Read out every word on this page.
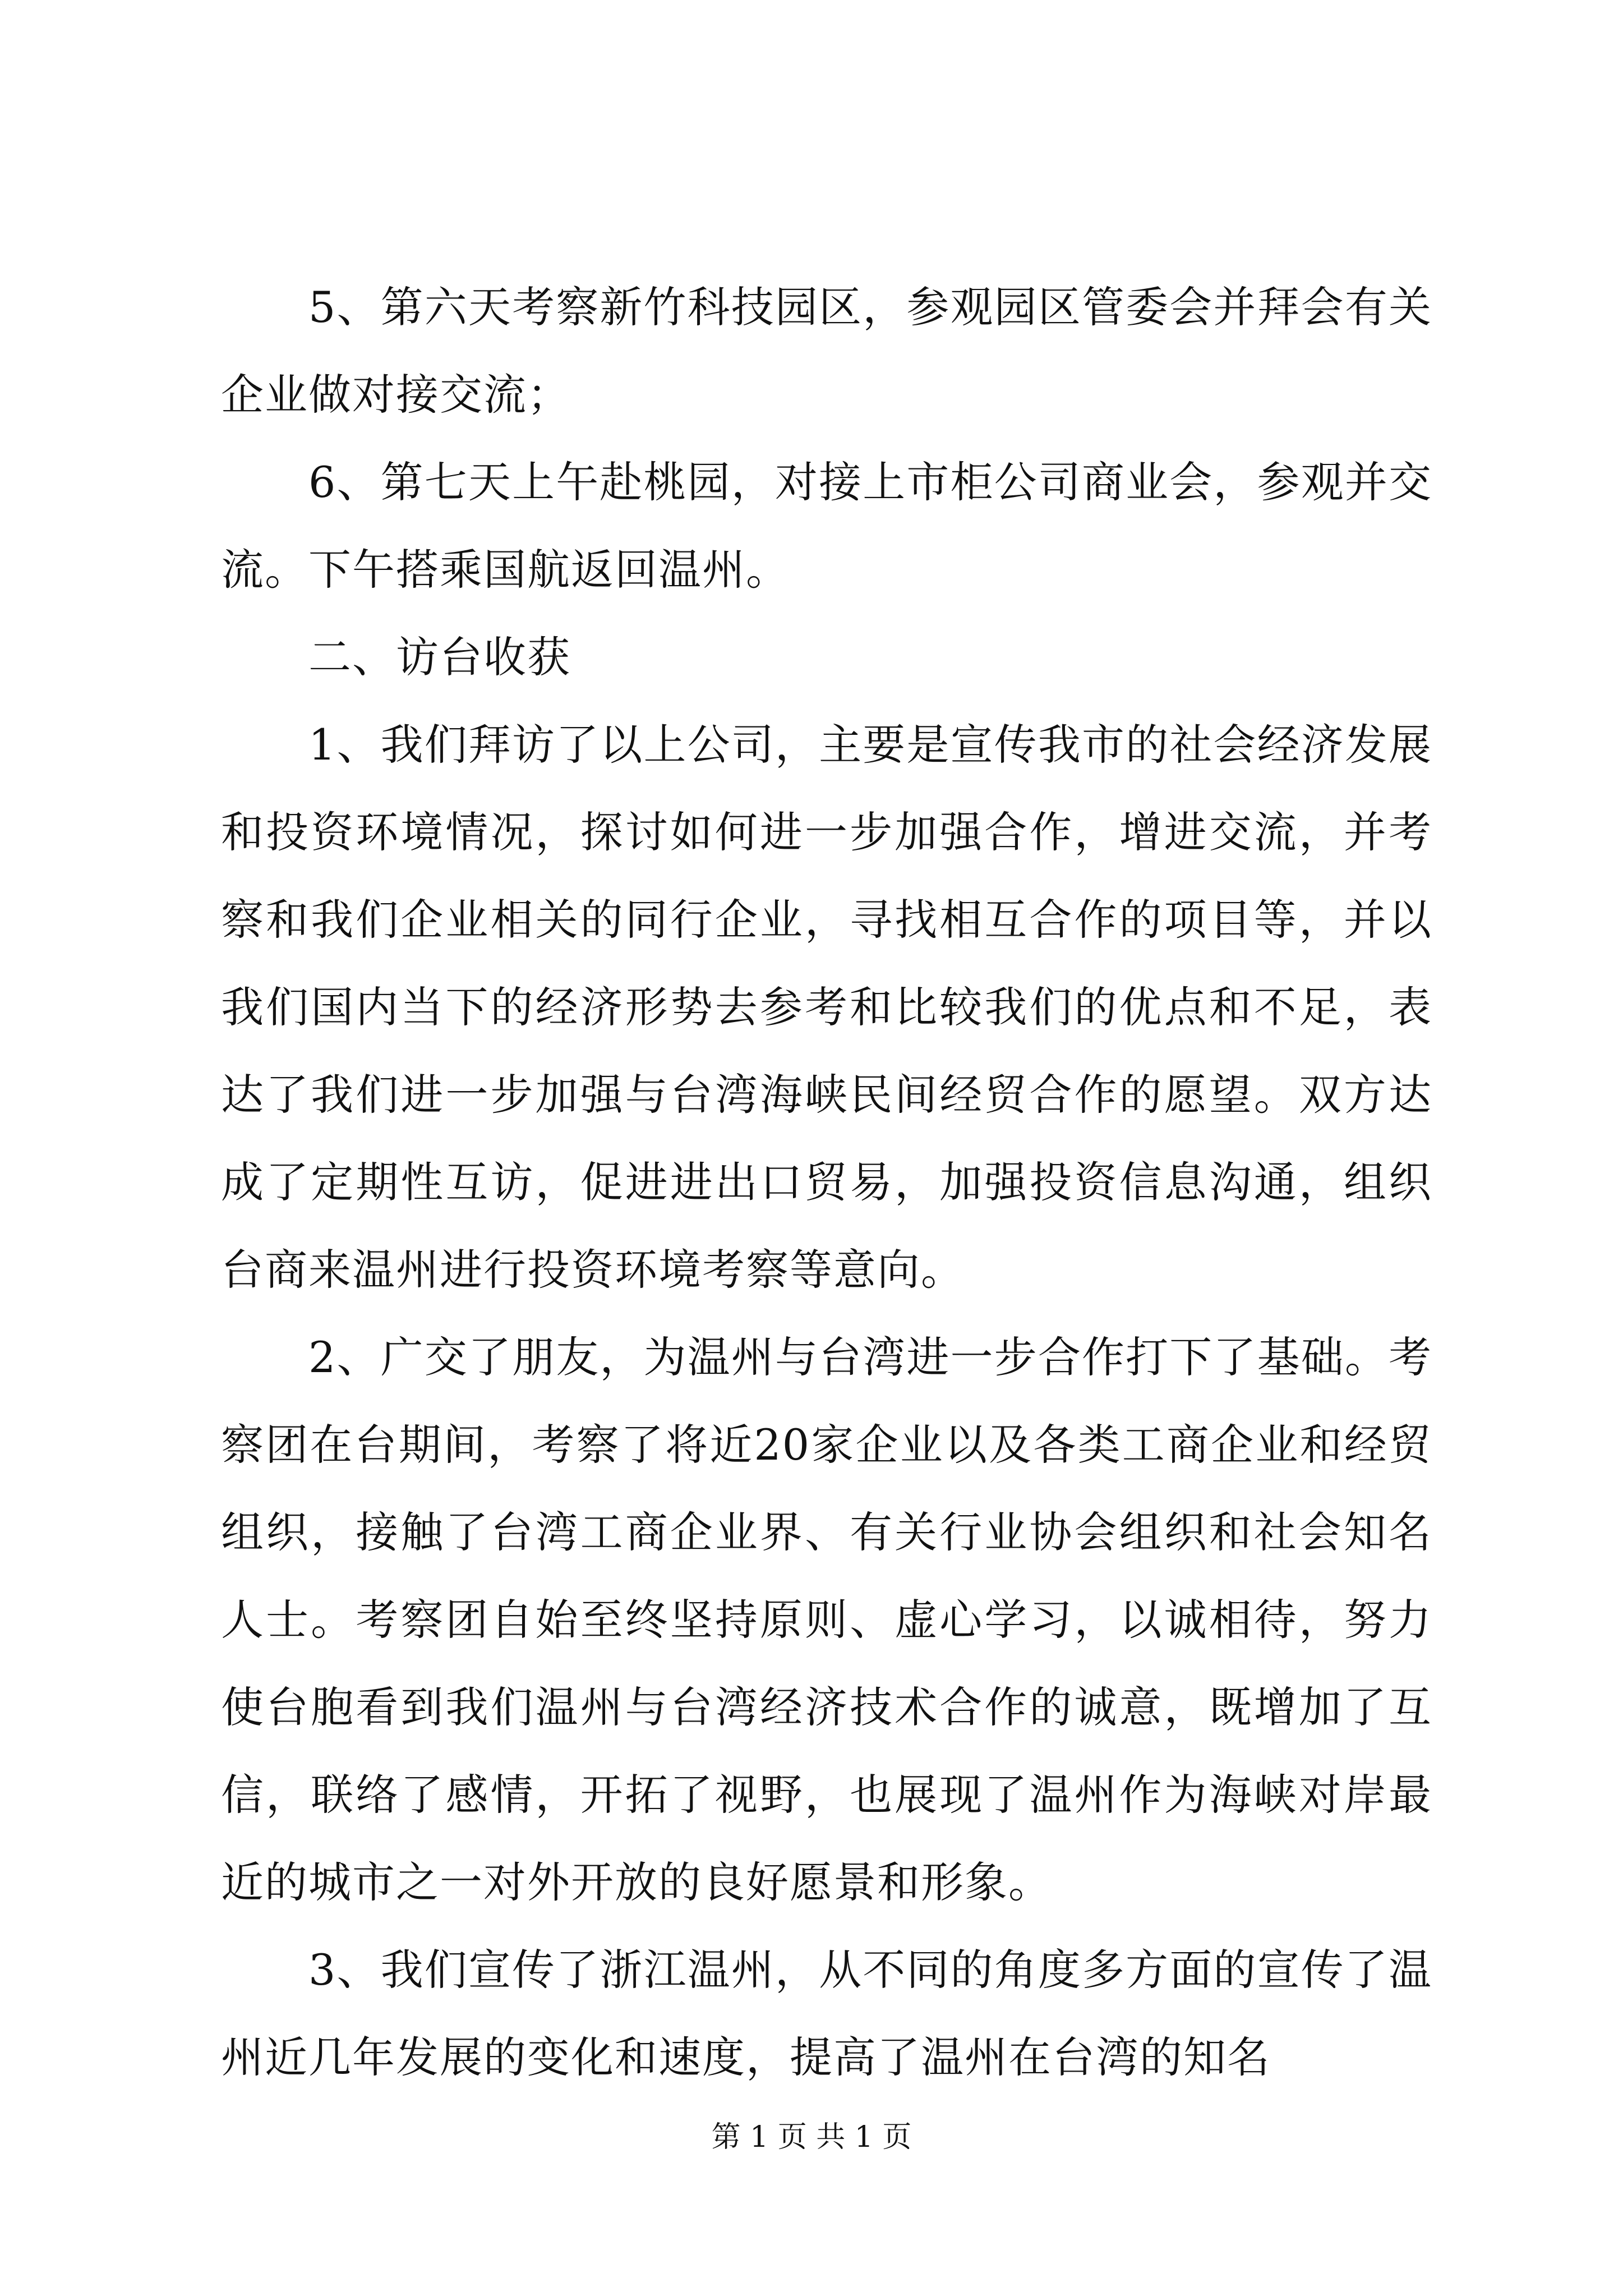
5、第六天考察新竹科技园区，参观园区管委会并拜会有关企业做对接交流；

6、第七天上午赴桃园，对接上市柜公司商业会，参观并交流。下午搭乘国航返回温州。

二、访台收获

1、我们拜访了以上公司，主要是宣传我市的社会经济发展和投资环境情况，探讨如何进一步加强合作，增进交流，并考察和我们企业相关的同行企业，寻找相互合作的项目等，并以我们国内当下的经济形势去参考和比较我们的优点和不足，表达了我们进一步加强与台湾海峡民间经贸合作的愿望。双方达成了定期性互访，促进进出口贸易，加强投资信息沟通，组织台商来温州进行投资环境考察等意向。

2、广交了朋友，为温州与台湾进一步合作打下了基础。考察团在台期间，考察了将近20家企业以及各类工商企业和经贸组织，接触了台湾工商企业界、有关行业协会组织和社会知名人士。考察团自始至终坚持原则、虚心学习，以诚相待，努力使台胞看到我们温州与台湾经济技术合作的诚意，既增加了互信，联络了感情，开拓了视野，也展现了温州作为海峡对岸最近的城市之一对外开放的良好愿景和形象。

3、我们宣传了浙江温州，从不同的角度多方面的宣传了温州近几年发展的变化和速度，提高了温州在台湾的知名

第 1 页 共 1 页
